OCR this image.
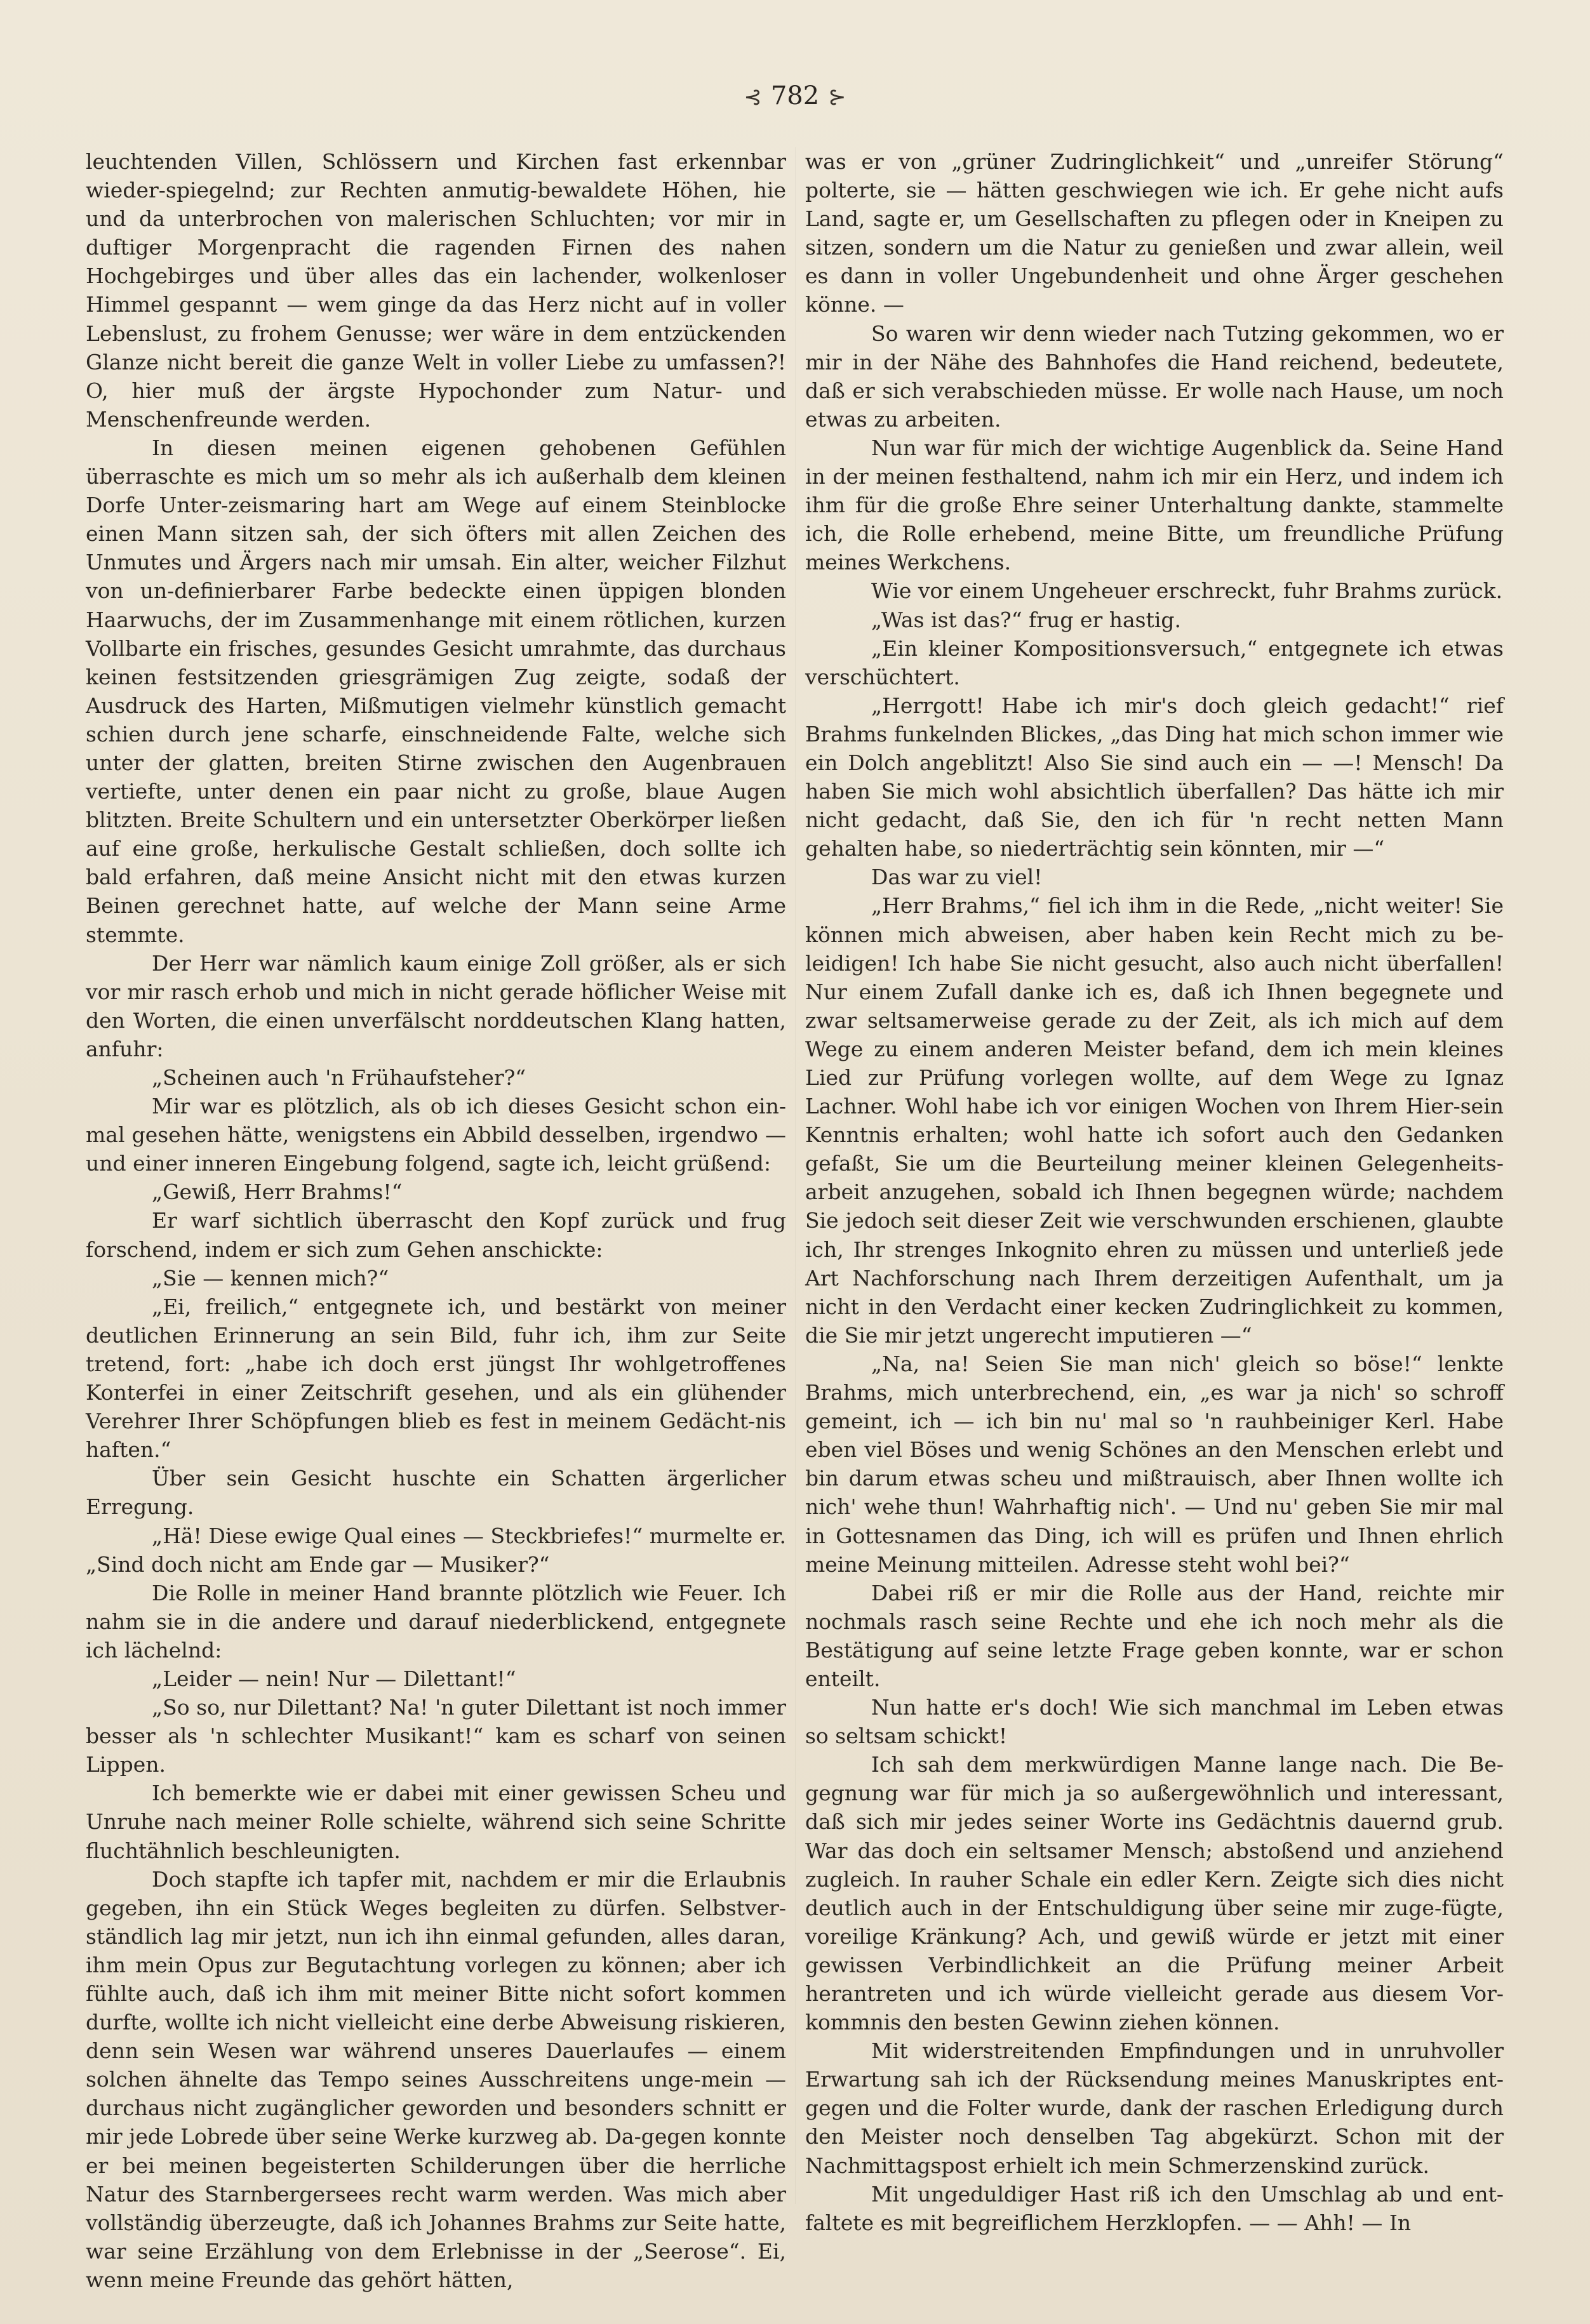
⊰ 782 ⊱

leuchtenden Villen, Schlössern und Kirchen fast erkennbar wieder-spiegelnd; zur Rechten anmutig-bewaldete Höhen, hie und da unterbrochen von malerischen Schluchten; vor mir in duftiger Morgenpracht die ragenden Firnen des nahen Hochgebirges und über alles das ein lachender, wolkenloser Himmel gespannt — wem ginge da das Herz nicht auf in voller Lebenslust, zu frohem Genusse; wer wäre in dem entzückenden Glanze nicht bereit die ganze Welt in voller Liebe zu umfassen?! O, hier muß der ärgste Hypochonder zum Natur- und Menschenfreunde werden.

In diesen meinen eigenen gehobenen Gefühlen überraschte es mich um so mehr als ich außerhalb dem kleinen Dorfe Unter-zeismaring hart am Wege auf einem Steinblocke einen Mann sitzen sah, der sich öfters mit allen Zeichen des Unmutes und Ärgers nach mir umsah. Ein alter, weicher Filzhut von un-definierbarer Farbe bedeckte einen üppigen blonden Haarwuchs, der im Zusammenhange mit einem rötlichen, kurzen Vollbarte ein frisches, gesundes Gesicht umrahmte, das durchaus keinen festsitzenden griesgrämigen Zug zeigte, sodaß der Ausdruck des Harten, Mißmutigen vielmehr künstlich gemacht schien durch jene scharfe, einschneidende Falte, welche sich unter der glatten, breiten Stirne zwischen den Augenbrauen vertiefte, unter denen ein paar nicht zu große, blaue Augen blitzten. Breite Schultern und ein untersetzter Oberkörper ließen auf eine große, herkulische Gestalt schließen, doch sollte ich bald erfahren, daß meine Ansicht nicht mit den etwas kurzen Beinen gerechnet hatte, auf welche der Mann seine Arme stemmte.

Der Herr war nämlich kaum einige Zoll größer, als er sich vor mir rasch erhob und mich in nicht gerade höflicher Weise mit den Worten, die einen unverfälscht norddeutschen Klang hatten, anfuhr:

„Scheinen auch 'n Frühaufsteher?“

Mir war es plötzlich, als ob ich dieses Gesicht schon ein-mal gesehen hätte, wenigstens ein Abbild desselben, irgendwo — und einer inneren Eingebung folgend, sagte ich, leicht grüßend:

„Gewiß, Herr Brahms!“

Er warf sichtlich überrascht den Kopf zurück und frug forschend, indem er sich zum Gehen anschickte:

„Sie — kennen mich?“

„Ei, freilich,“ entgegnete ich, und bestärkt von meiner deutlichen Erinnerung an sein Bild, fuhr ich, ihm zur Seite tretend, fort: „habe ich doch erst jüngst Ihr wohlgetroffenes Konterfei in einer Zeitschrift gesehen, und als ein glühender Verehrer Ihrer Schöpfungen blieb es fest in meinem Gedächt-nis haften.“

Über sein Gesicht huschte ein Schatten ärgerlicher Erregung.

„Hä! Diese ewige Qual eines — Steckbriefes!“ murmelte er. „Sind doch nicht am Ende gar — Musiker?“

Die Rolle in meiner Hand brannte plötzlich wie Feuer. Ich nahm sie in die andere und darauf niederblickend, entgegnete ich lächelnd:

„Leider — nein! Nur — Dilettant!“

„So so, nur Dilettant? Na! 'n guter Dilettant ist noch immer besser als 'n schlechter Musikant!“ kam es scharf von seinen Lippen.

Ich bemerkte wie er dabei mit einer gewissen Scheu und Unruhe nach meiner Rolle schielte, während sich seine Schritte fluchtähnlich beschleunigten.

Doch stapfte ich tapfer mit, nachdem er mir die Erlaubnis gegeben, ihn ein Stück Weges begleiten zu dürfen. Selbstver-ständlich lag mir jetzt, nun ich ihn einmal gefunden, alles daran, ihm mein Opus zur Begutachtung vorlegen zu können; aber ich fühlte auch, daß ich ihm mit meiner Bitte nicht sofort kommen durfte, wollte ich nicht vielleicht eine derbe Abweisung riskieren, denn sein Wesen war während unseres Dauerlaufes — einem solchen ähnelte das Tempo seines Ausschreitens unge-mein — durchaus nicht zugänglicher geworden und besonders schnitt er mir jede Lobrede über seine Werke kurzweg ab. Da-gegen konnte er bei meinen begeisterten Schilderungen über die herrliche Natur des Starnbergersees recht warm werden. Was mich aber vollständig überzeugte, daß ich Johannes Brahms zur Seite hatte, war seine Erzählung von dem Erlebnisse in der „Seerose“. Ei, wenn meine Freunde das gehört hätten,

was er von „grüner Zudringlichkeit“ und „unreifer Störung“ polterte, sie — hätten geschwiegen wie ich. Er gehe nicht aufs Land, sagte er, um Gesellschaften zu pflegen oder in Kneipen zu sitzen, sondern um die Natur zu genießen und zwar allein, weil es dann in voller Ungebundenheit und ohne Ärger geschehen könne. —

So waren wir denn wieder nach Tutzing gekommen, wo er mir in der Nähe des Bahnhofes die Hand reichend, bedeutete, daß er sich verabschieden müsse. Er wolle nach Hause, um noch etwas zu arbeiten.

Nun war für mich der wichtige Augenblick da. Seine Hand in der meinen festhaltend, nahm ich mir ein Herz, und indem ich ihm für die große Ehre seiner Unterhaltung dankte, stammelte ich, die Rolle erhebend, meine Bitte, um freundliche Prüfung meines Werkchens.

Wie vor einem Ungeheuer erschreckt, fuhr Brahms zurück.

„Was ist das?“ frug er hastig.

„Ein kleiner Kompositionsversuch,“ entgegnete ich etwas verschüchtert.

„Herrgott! Habe ich mir's doch gleich gedacht!“ rief Brahms funkelnden Blickes, „das Ding hat mich schon immer wie ein Dolch angeblitzt! Also Sie sind auch ein — —! Mensch! Da haben Sie mich wohl absichtlich überfallen? Das hätte ich mir nicht gedacht, daß Sie, den ich für 'n recht netten Mann gehalten habe, so niederträchtig sein könnten, mir —“

Das war zu viel!

„Herr Brahms,“ fiel ich ihm in die Rede, „nicht weiter! Sie können mich abweisen, aber haben kein Recht mich zu be-leidigen! Ich habe Sie nicht gesucht, also auch nicht überfallen! Nur einem Zufall danke ich es, daß ich Ihnen begegnete und zwar seltsamerweise gerade zu der Zeit, als ich mich auf dem Wege zu einem anderen Meister befand, dem ich mein kleines Lied zur Prüfung vorlegen wollte, auf dem Wege zu Ignaz Lachner. Wohl habe ich vor einigen Wochen von Ihrem Hier-sein Kenntnis erhalten; wohl hatte ich sofort auch den Gedanken gefaßt, Sie um die Beurteilung meiner kleinen Gelegenheits-arbeit anzugehen, sobald ich Ihnen begegnen würde; nachdem Sie jedoch seit dieser Zeit wie verschwunden erschienen, glaubte ich, Ihr strenges Inkognito ehren zu müssen und unterließ jede Art Nachforschung nach Ihrem derzeitigen Aufenthalt, um ja nicht in den Verdacht einer kecken Zudringlichkeit zu kommen, die Sie mir jetzt ungerecht imputieren —“

„Na, na! Seien Sie man nich' gleich so böse!“ lenkte Brahms, mich unterbrechend, ein, „es war ja nich' so schroff gemeint, ich — ich bin nu' mal so 'n rauhbeiniger Kerl. Habe eben viel Böses und wenig Schönes an den Menschen erlebt und bin darum etwas scheu und mißtrauisch, aber Ihnen wollte ich nich' wehe thun! Wahrhaftig nich'. — Und nu' geben Sie mir mal in Gottesnamen das Ding, ich will es prüfen und Ihnen ehrlich meine Meinung mitteilen. Adresse steht wohl bei?“

Dabei riß er mir die Rolle aus der Hand, reichte mir nochmals rasch seine Rechte und ehe ich noch mehr als die Bestätigung auf seine letzte Frage geben konnte, war er schon enteilt.

Nun hatte er's doch! Wie sich manchmal im Leben etwas so seltsam schickt!

Ich sah dem merkwürdigen Manne lange nach. Die Be-gegnung war für mich ja so außergewöhnlich und interessant, daß sich mir jedes seiner Worte ins Gedächtnis dauernd grub. War das doch ein seltsamer Mensch; abstoßend und anziehend zugleich. In rauher Schale ein edler Kern. Zeigte sich dies nicht deutlich auch in der Entschuldigung über seine mir zuge-fügte, voreilige Kränkung? Ach, und gewiß würde er jetzt mit einer gewissen Verbindlichkeit an die Prüfung meiner Arbeit herantreten und ich würde vielleicht gerade aus diesem Vor-kommnis den besten Gewinn ziehen können.

Mit widerstreitenden Empfindungen und in unruhvoller Erwartung sah ich der Rücksendung meines Manuskriptes ent-gegen und die Folter wurde, dank der raschen Erledigung durch den Meister noch denselben Tag abgekürzt. Schon mit der Nachmittagspost erhielt ich mein Schmerzenskind zurück.

Mit ungeduldiger Hast riß ich den Umschlag ab und ent-faltete es mit begreiflichem Herzklopfen. — — Ahh! — In
